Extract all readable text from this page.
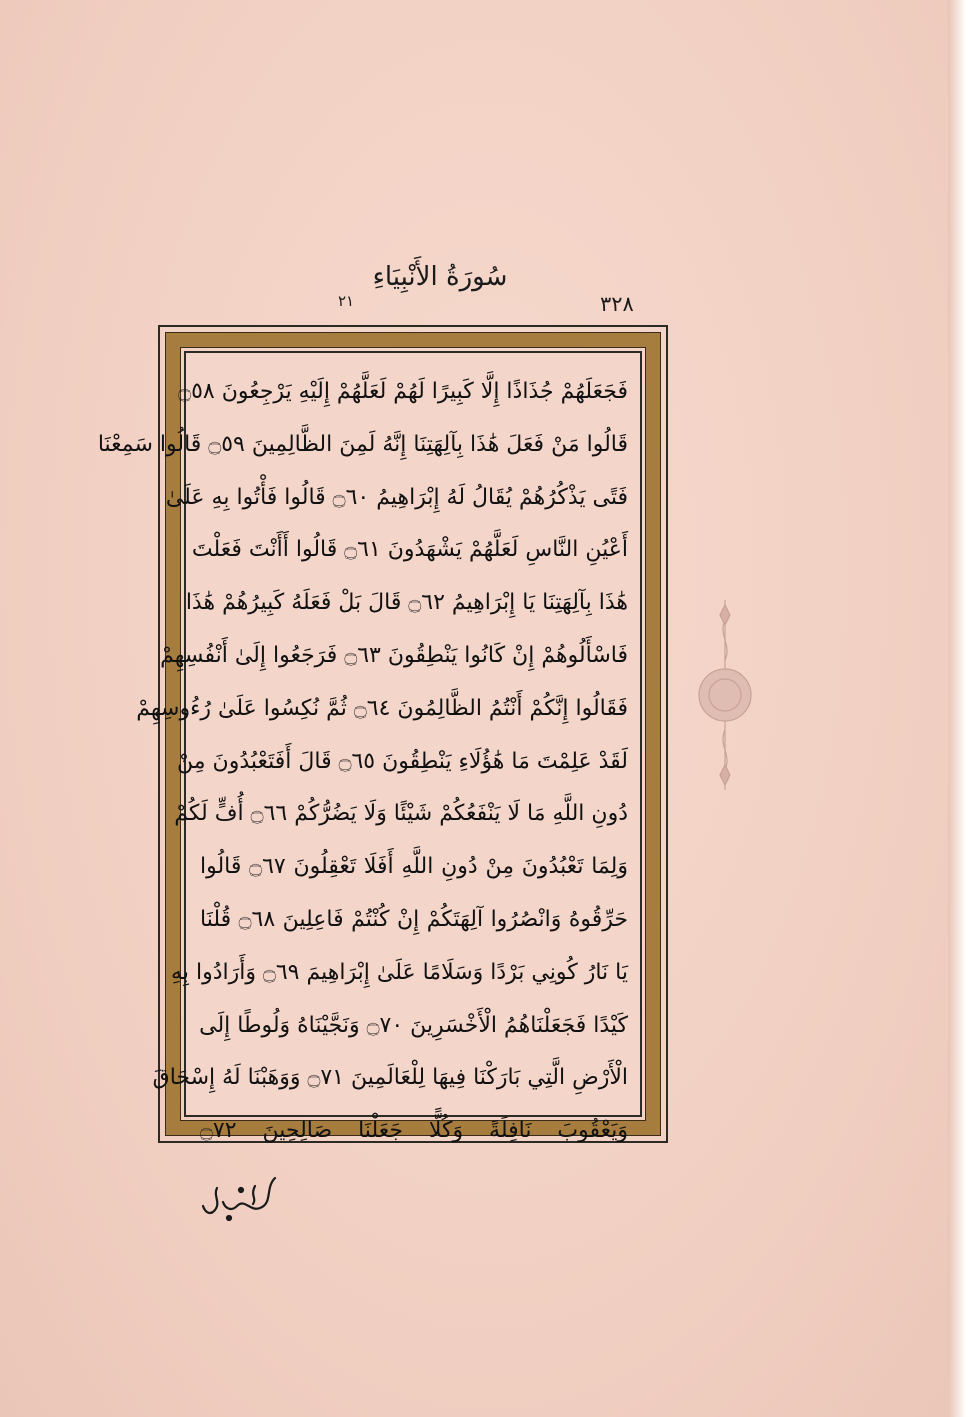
٣٢٨
سُورَةُ الأَنْبِيَاءِ
٢١
فَجَعَلَهُمْ جُذَاذًا إِلَّا كَبِيرًا لَهُمْ لَعَلَّهُمْ إِلَيْهِ يَرْجِعُونَ ۝٥٨
قَالُوا مَنْ فَعَلَ هَٰذَا بِآلِهَتِنَا إِنَّهُ لَمِنَ الظَّالِمِينَ ۝٥٩ قَالُوا سَمِعْنَا
فَتًى يَذْكُرُهُمْ يُقَالُ لَهُ إِبْرَاهِيمُ ۝٦٠ قَالُوا فَأْتُوا بِهِ عَلَىٰ
أَعْيُنِ النَّاسِ لَعَلَّهُمْ يَشْهَدُونَ ۝٦١ قَالُوا أَأَنْتَ فَعَلْتَ
هَٰذَا بِآلِهَتِنَا يَا إِبْرَاهِيمُ ۝٦٢ قَالَ بَلْ فَعَلَهُ كَبِيرُهُمْ هَٰذَا
فَاسْأَلُوهُمْ إِنْ كَانُوا يَنْطِقُونَ ۝٦٣ فَرَجَعُوا إِلَىٰ أَنْفُسِهِمْ
فَقَالُوا إِنَّكُمْ أَنْتُمُ الظَّالِمُونَ ۝٦٤ ثُمَّ نُكِسُوا عَلَىٰ رُءُوسِهِمْ
لَقَدْ عَلِمْتَ مَا هَٰؤُلَاءِ يَنْطِقُونَ ۝٦٥ قَالَ أَفَتَعْبُدُونَ مِنْ
دُونِ اللَّهِ مَا لَا يَنْفَعُكُمْ شَيْئًا وَلَا يَضُرُّكُمْ ۝٦٦ أُفٍّ لَكُمْ
وَلِمَا تَعْبُدُونَ مِنْ دُونِ اللَّهِ أَفَلَا تَعْقِلُونَ ۝٦٧ قَالُوا
حَرِّقُوهُ وَانْصُرُوا آلِهَتَكُمْ إِنْ كُنْتُمْ فَاعِلِينَ ۝٦٨ قُلْنَا
يَا نَارُ كُونِي بَرْدًا وَسَلَامًا عَلَىٰ إِبْرَاهِيمَ ۝٦٩ وَأَرَادُوا بِهِ
كَيْدًا فَجَعَلْنَاهُمُ الْأَخْسَرِينَ ۝٧٠ وَنَجَّيْنَاهُ وَلُوطًا إِلَى
الْأَرْضِ الَّتِي بَارَكْنَا فِيهَا لِلْعَالَمِينَ ۝٧١ وَوَهَبْنَا لَهُ إِسْحَاقَ
وَيَعْقُوبَ نَافِلَةً وَكُلًّا جَعَلْنَا صَالِحِينَ ۝٧٢
